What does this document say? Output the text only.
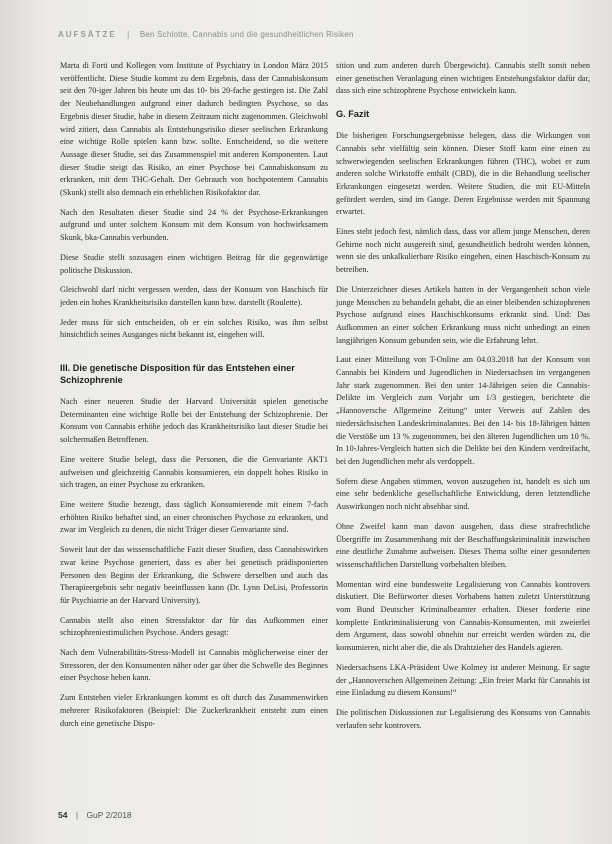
AUFSÄTZE | Ben Schlotte, Cannabis und die gesundheitlichen Risiken

Marta di Forti und Kollegen vom Institute of Psychiatry in London März 2015 veröffentlicht. Diese Studie kommt zu dem Ergebnis, dass der Cannabiskonsum seit den 70-iger Jahren bis heute um das 10- bis 20-fache gestiegen ist. Die Zahl der Neubehandlungen aufgrund einer dadurch bedingten Psychose, so das Ergebnis dieser Studie, habe in diesem Zeitraum nicht zugenommen. Gleichwohl wird zitiert, dass Cannabis als Entstehungsrisiko dieser seelischen Erkrankung eine wichtige Rolle spielen kann bzw. sollte. Entscheidend, so die weitere Aussage dieser Studie, sei das Zusammenspiel mit anderen Komponenten. Laut dieser Studie steigt das Risiko, an einer Psychose bei Cannabiskonsum zu erkranken, mit dem THC-Gehalt. Der Gebrauch von hochpotentem Cannabis (Skunk) stellt also demnach ein erheblichen Risikofaktor dar.

Nach den Resultaten dieser Studie sind 24 % der Psychose-Erkrankungen aufgrund und unter solchem Konsum mit dem Konsum von hochwirksamem Skunk, bka-Cannabis verbunden.

Diese Studie stellt sozusagen einen wichtigen Beitrag für die gegenwärtige politische Diskussion.

Gleichwohl darf nicht vergessen werden, dass der Konsum von Haschisch für jeden ein hohes Krankheitsrisiko darstellen kann bzw. darstellt (Roulette).

Jeder muss für sich entscheiden, ob er ein solches Risiko, was ihm selbst hinsichtlich seines Ausganges nicht bekannt ist, eingehen will.

III. Die genetische Disposition für das Entstehen einer Schizophrenie

Nach einer neueren Studie der Harvard Universität spielen genetische Determinanten eine wichtige Rolle bei der Entstehung der Schizophrenie. Der Konsum von Cannabis erhöhe jedoch das Krankheitsrisiko laut dieser Studie bei solchermaßen Betroffenen.

Eine weitere Studie belegt, dass die Personen, die die Genvariante AKT1 aufweisen und gleichzeitig Cannabis konsumieren, ein doppelt hohes Risiko in sich tragen, an einer Psychose zu erkranken.

Eine weitere Studie bezeugt, dass täglich Konsumierende mit einem 7-fach erhöhten Risiko behaftet sind, an einer chronischen Psychose zu erkranken, und zwar im Vergleich zu denen, die nicht Träger dieser Genvariante sind.

Soweit laut der das wissenschaftliche Fazit dieser Studien, dass Cannabiswirken zwar keine Psychose generiert, dass es aber bei genetisch prädisponierten Personen den Beginn der Erkrankung, die Schwere derselben und auch das Therapieergebnis sehr negativ beeinflussen kann (Dr. Lynn DeLisi, Professorin für Psychiatrie an der Harvard University).

Cannabis stellt also einen Stressfaktor dar für das Aufkommen einer schizophreniestimulichen Psychose. Anders gesagt:

Nach dem Vulnerabilitäts-Stress-Modell ist Cannabis möglicherweise einer der Stressoren, der den Konsumenten näher oder gar über die Schwelle des Beginnes einer Psychose heben kann.

Zum Entstehen vieler Erkrankungen kommt es oft durch das Zusammenwirken mehrerer Risikofaktoren (Beispiel: Die Zuckerkrankheit entsteht zum einen durch eine genetische Dispo-

sition und zum anderen durch Übergewicht). Cannabis stellt somit neben einer genetischen Veranlagung einen wichtigen Entstehungsfaktor dafür dar, dass sich eine schizophrene Psychose entwickeln kann.

G. Fazit

Die bisherigen Forschungsergebnisse belegen, dass die Wirkungen von Cannabis sehr vielfältig sein können. Dieser Stoff kann eine einen zu schwerwiegenden seelischen Erkrankungen führen (THC), wobei er zum anderen solche Wirkstoffe enthält (CBD), die in die Behandlung seelischer Erkrankungen eingesetzt werden. Weitere Studien, die mit EU-Mitteln gefördert werden, sind im Gange. Deren Ergebnisse werden mit Spannung erwartet.

Eines steht jedoch fest, nämlich dass, dass vor allem junge Menschen, deren Gehirne noch nicht ausgereift sind, gesundheitlich bedroht werden können, wenn sie des unkalkulierbare Risiko eingehen, einen Haschisch-Konsum zu betreiben.

Die Unterzeichner dieses Artikels hatten in der Vergangenheit schon viele junge Menschen zu behandeln gehabt, die an einer bleibenden schizophrenen Psychose aufgrund eines Haschischkonsums erkrankt sind. Und: Das Aufkommen an einer solchen Erkrankung muss nicht unbedingt an einen langjährigen Konsum gebunden sein, wie die Erfahrung lehrt.

Laut einer Mitteilung von T-Online am 04.03.2018 hat der Konsum von Cannabis bei Kindern und Jugendlichen in Niedersachsen im vergangenen Jahr stark zugenommen. Bei den unter 14-Jährigen seien die Cannabis-Delikte im Vergleich zum Vorjahr um 1/3 gestiegen, berichtete die „Hannoversche Allgemeine Zeitung“ unter Verweis auf Zahlen des niedersächsischen Landeskriminalamtes. Bei den 14- bis 18-Jährigen hätten die Verstöße um 13 % zugenommen, bei den älteren Jugendlichen um 10 %. In 10-Jahres-Vergleich hatten sich die Delikte bei den Kindern verdreifacht, bei den Jugendlichen mehr als verdoppelt.

Sofern diese Angaben stimmen, wovon auszugehen ist, handelt es sich um eine sehr bedenkliche gesellschaftliche Entwicklung, deren letztendliche Auswirkungen noch nicht absehbar sind.

Ohne Zweifel kann man davon ausgehen, dass diese strafrechtliche Übergriffe im Zusammenhang mit der Beschaffungskriminalität inzwischen eine deutliche Zunahme aufweisen. Dieses Thema sollte einer gesonderten wissenschaftlichen Darstellung vorbehalten bleiben.

Momentan wird eine bundesweite Legalisierung von Cannabis kontrovers diskutiert. Die Befürworter dieses Vorhabens hatten zuletzt Unterstützung vom Bund Deutscher Kriminalbeamter erhalten. Dieser forderte eine komplette Entkriminalisierung von Cannabis-Konsumenten, mit zweierlei dem Argument, dass sowohl ohnehin nur erreicht werden würden zu, die konsumieren, nicht aber die, die als Drahtzieher des Handels agieren.

Niedersachsens LKA-Präsident Uwe Kolmey ist anderer Meinung. Er sagte der „Hannoverschen Allgemeinen Zeitung: „Ein freier Markt für Cannabis ist eine Einladung zu diesem Konsum!“

Die politischen Diskussionen zur Legalisierung des Konsums von Cannabis verlaufen sehr kontrovers.

54 | GuP 2/2018
